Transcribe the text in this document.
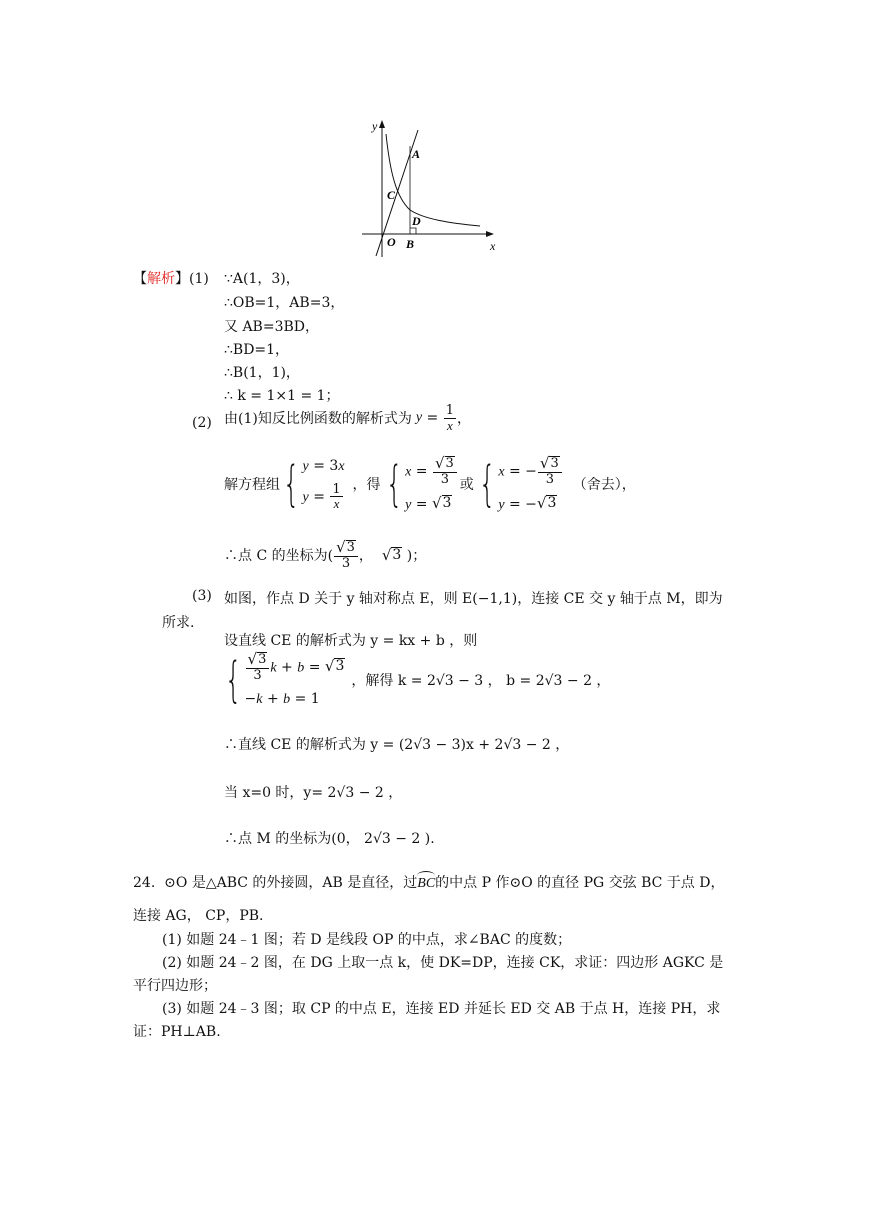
y
x
A
C
D
O B
【解析】(1) ∵A(1，3)，
∴OB=1，AB=3，
又 AB=3BD，
∴BD=1，
∴B(1，1)，
∴ k = 1×1 = 1；
(2) 由(1)知反比例函数的解析式为 $y = \frac{1}{x}$ ，
解方程组 { y = 3x
$y = \frac{1}{x}$ ，得 { $x = \frac{√ 3}{3}$
y = √ 3
或 { x = − $\frac{√ 3}{3}$
y = − √ 3
（舍去），
∴点 C 的坐标为( $\frac{√ 3}{3}$ ， √ 3 )；
(3) 如图，作点 D 关于 y 轴对称点 E，则 E(−1,1)，连接 CE 交 y 轴于点 M，即为
所求.
设直线 CE 的解析式为 y = kx + b ，则
{ $\frac{√ 3}{3}$ k + b = √ 3
−k + b = 1
，解得 k = 2√3 − 3 ， b = 2√3 − 2 ，
∴直线 CE 的解析式为 y = (2√3 − 3)x + 2√3 − 2 ，
当 x=0 时，y= 2√3 − 2 ，
∴点 M 的坐标为(0， 2√3 − 2 ).
24. ⊙O 是△ABC 的外接圆，AB 是直径，过BC的中点 P 作⊙O 的直径 PG 交弦 BC 于点 D，
连接 AG， CP，PB.
(1) 如题 24﹣1 图；若 D 是线段 OP 的中点，求∠BAC 的度数；
(2) 如题 24﹣2 图，在 DG 上取一点 k，使 DK=DP，连接 CK，求证：四边形 AGKC 是
平行四边形；
(3) 如题 24﹣3 图；取 CP 的中点 E，连接 ED 并延长 ED 交 AB 于点 H，连接 PH，求
证：PH⊥AB.
